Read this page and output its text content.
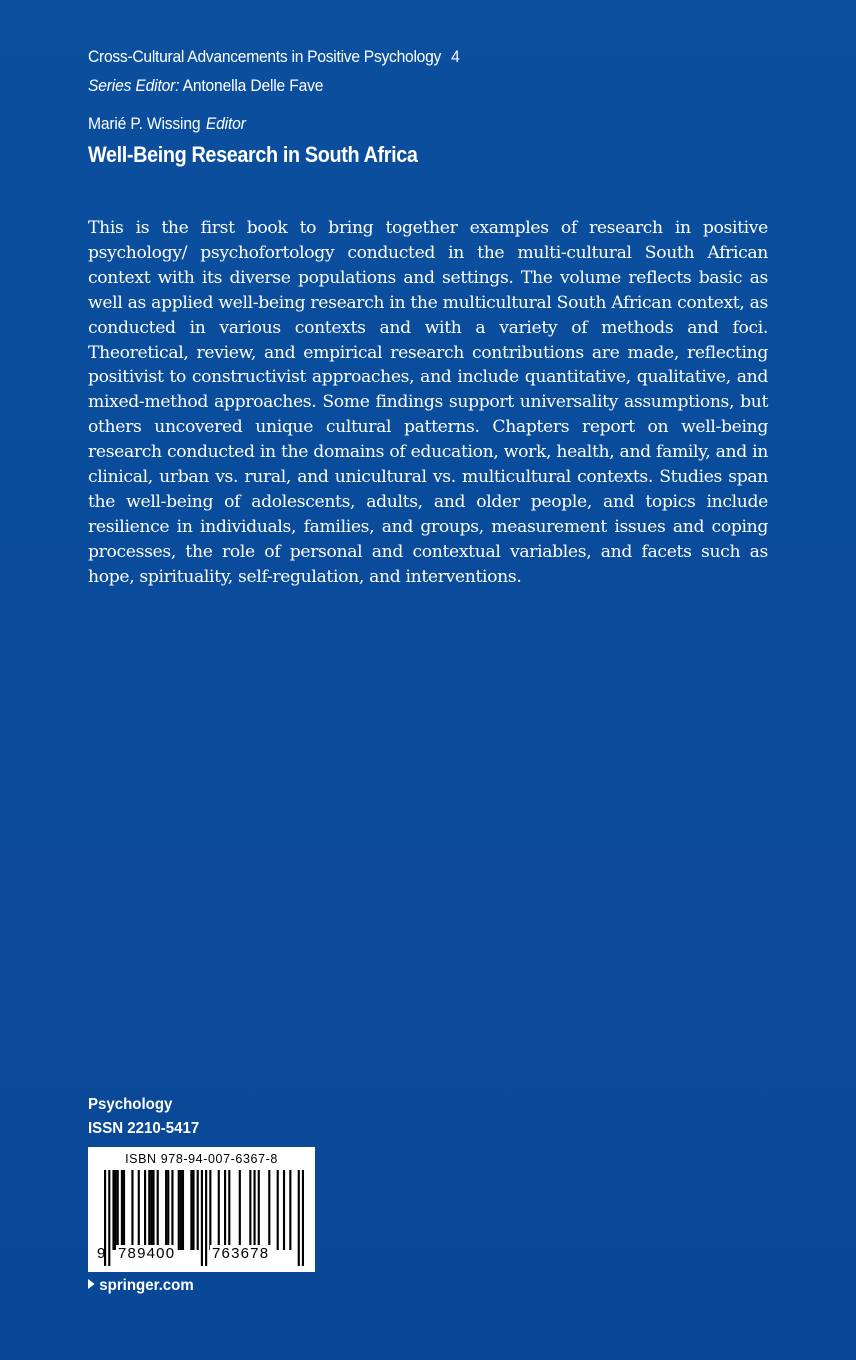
Cross-Cultural Advancements in Positive Psychology 4
Series Editor: Antonella Delle Fave
Marié P. Wissing Editor
Well-Being Research in South Africa
This is the first book to bring together examples of research in positive psychology/ psychofortology conducted in the multi-cultural South African context with its diverse populations and settings. The volume reflects basic as well as applied well-being research in the multicultural South African context, as conducted in various contexts and with a variety of methods and foci. Theoretical, review, and empirical research contributions are made, reflecting positivist to constructivist approaches, and include quantitative, qualitative, and mixed-method approaches. Some findings support universality assumptions, but others uncovered unique cultural patterns. Chapters report on well-being research conducted in the domains of education, work, health, and family, and in clinical, urban vs. rural, and unicultural vs. multicultural contexts. Studies span the well-being of adolescents, adults, and older people, and topics include resilience in individuals, families, and groups, measurement issues and coping processes, the role of personal and contextual variables, and facets such as hope, spirituality, self-regulation, and interventions.
Psychology
ISSN 2210-5417
ISBN 978-94-007-6367-8
9 789400 763678
springer.com
